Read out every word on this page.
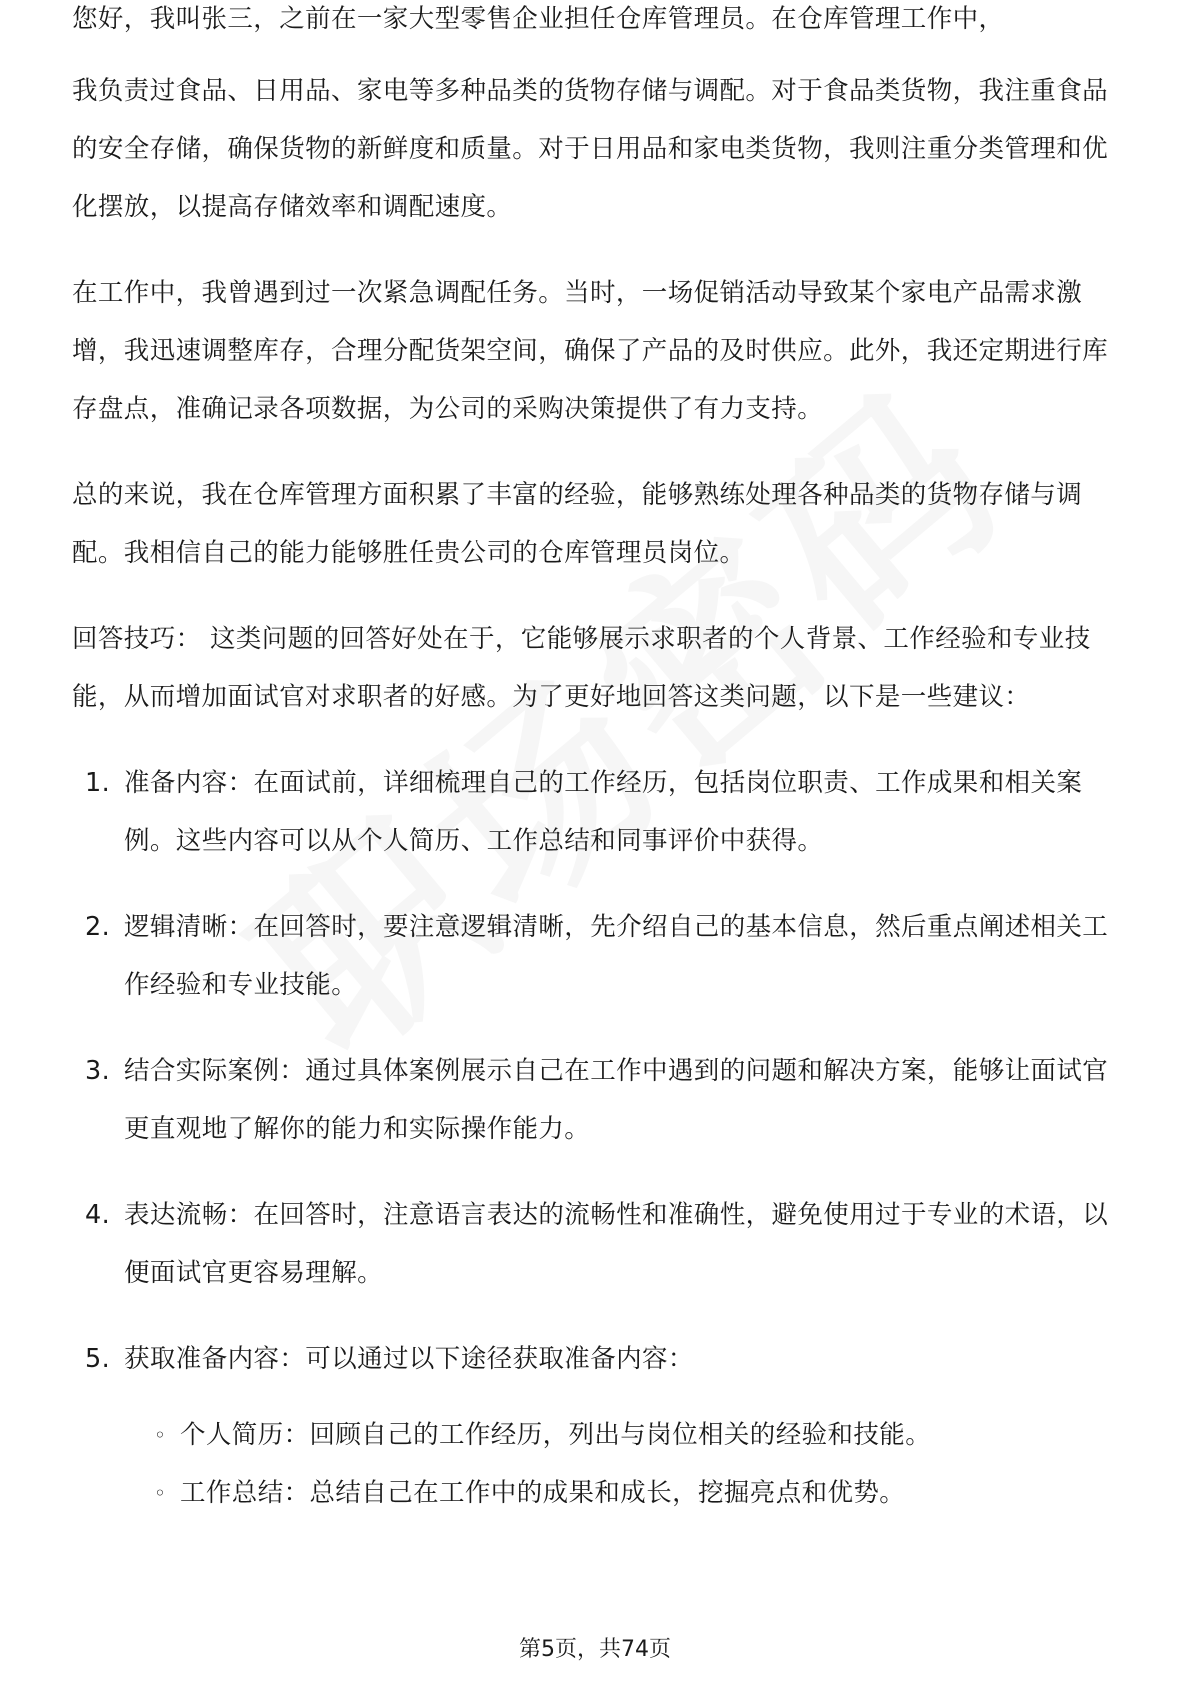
您好，我叫张三，之前在一家大型零售企业担任仓库管理员。在仓库管理工作中，

我负责过食品、日用品、家电等多种品类的货物存储与调配。对于食品类货物，我注重食品的安全存储，确保货物的新鲜度和质量。对于日用品和家电类货物，我则注重分类管理和优化摆放，以提高存储效率和调配速度。

在工作中，我曾遇到过一次紧急调配任务。当时，一场促销活动导致某个家电产品需求激增，我迅速调整库存，合理分配货架空间，确保了产品的及时供应。此外，我还定期进行库存盘点，准确记录各项数据，为公司的采购决策提供了有力支持。

总的来说，我在仓库管理方面积累了丰富的经验，能够熟练处理各种品类的货物存储与调配。我相信自己的能力能够胜任贵公司的仓库管理员岗位。

回答技巧： 这类问题的回答好处在于，它能够展示求职者的个人背景、工作经验和专业技能，从而增加面试官对求职者的好感。为了更好地回答这类问题，以下是一些建议：

1. 准备内容：在面试前，详细梳理自己的工作经历，包括岗位职责、工作成果和相关案例。这些内容可以从个人简历、工作总结和同事评价中获得。
2. 逻辑清晰：在回答时，要注意逻辑清晰，先介绍自己的基本信息，然后重点阐述相关工作经验和专业技能。
3. 结合实际案例：通过具体案例展示自己在工作中遇到的问题和解决方案，能够让面试官更直观地了解你的能力和实际操作能力。
4. 表达流畅：在回答时，注意语言表达的流畅性和准确性，避免使用过于专业的术语，以便面试官更容易理解。
5. 获取准备内容：可以通过以下途径获取准备内容：
◦ 个人简历：回顾自己的工作经历，列出与岗位相关的经验和技能。
◦ 工作总结：总结自己在工作中的成果和成长，挖掘亮点和优势。
第5页，共74页
